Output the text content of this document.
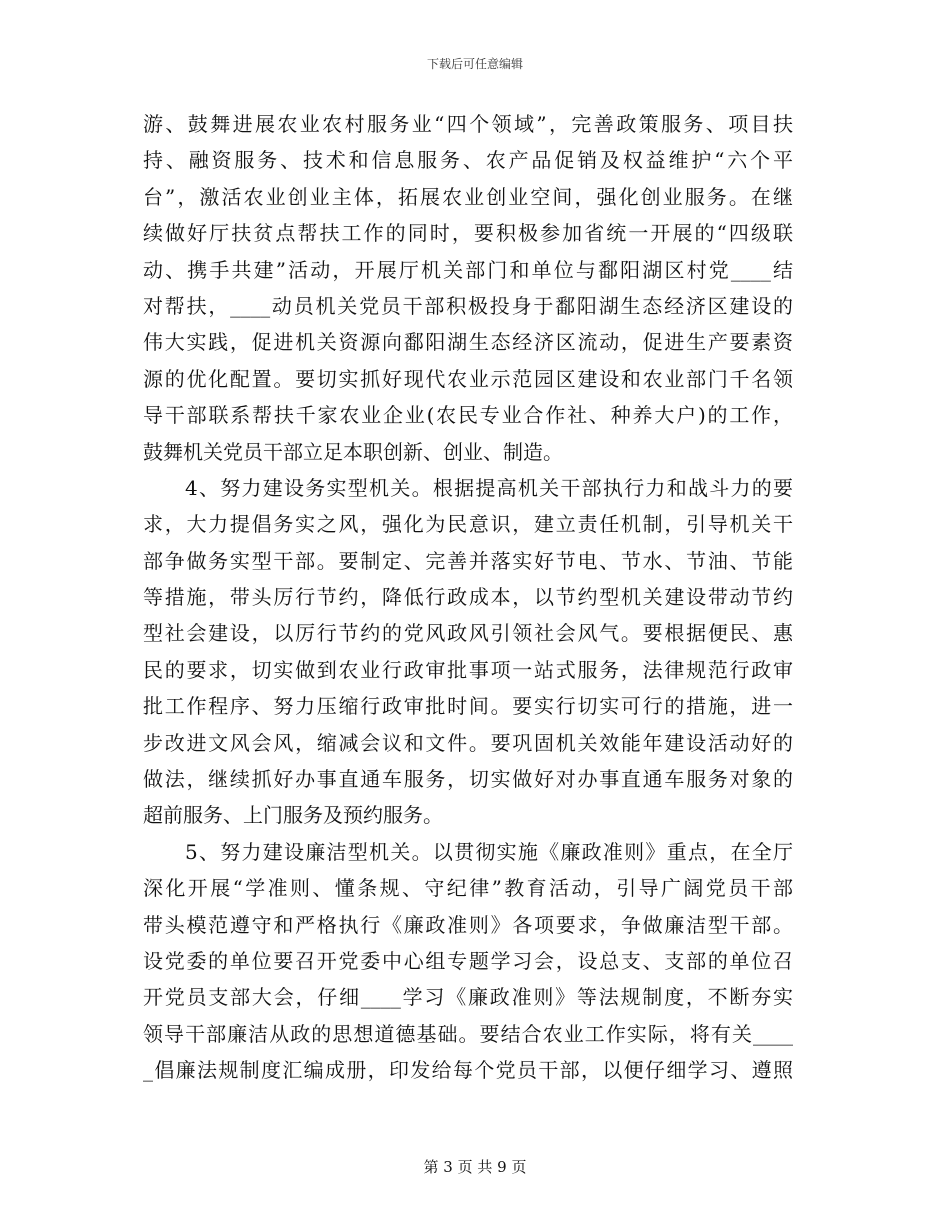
下载后可任意编辑
游、鼓舞进展农业农村服务业“四个领域”，完善政策服务、项目扶
持、融资服务、技术和信息服务、农产品促销及权益维护“六个平
台”，激活农业创业主体，拓展农业创业空间，强化创业服务。在继
续做好厅扶贫点帮扶工作的同时，要积极参加省统一开展的“四级联
动、携手共建”活动，开展厅机关部门和单位与鄱阳湖区村党____结
对帮扶，____动员机关党员干部积极投身于鄱阳湖生态经济区建设的
伟大实践，促进机关资源向鄱阳湖生态经济区流动，促进生产要素资
源的优化配置。要切实抓好现代农业示范园区建设和农业部门千名领
导干部联系帮扶千家农业企业(农民专业合作社、种养大户)的工作，
鼓舞机关党员干部立足本职创新、创业、制造。
4、努力建设务实型机关。根据提高机关干部执行力和战斗力的要
求，大力提倡务实之风，强化为民意识，建立责任机制，引导机关干
部争做务实型干部。要制定、完善并落实好节电、节水、节油、节能
等措施，带头厉行节约，降低行政成本，以节约型机关建设带动节约
型社会建设，以厉行节约的党风政风引领社会风气。要根据便民、惠
民的要求，切实做到农业行政审批事项一站式服务，法律规范行政审
批工作程序、努力压缩行政审批时间。要实行切实可行的措施，进一
步改进文风会风，缩减会议和文件。要巩固机关效能年建设活动好的
做法，继续抓好办事直通车服务，切实做好对办事直通车服务对象的
超前服务、上门服务及预约服务。
5、努力建设廉洁型机关。以贯彻实施《廉政准则》重点，在全厅
深化开展“学准则、懂条规、守纪律”教育活动，引导广阔党员干部
带头模范遵守和严格执行《廉政准则》各项要求，争做廉洁型干部。
设党委的单位要召开党委中心组专题学习会，设总支、支部的单位召
开党员支部大会，仔细____学习《廉政准则》等法规制度，不断夯实
领导干部廉洁从政的思想道德基础。要结合农业工作实际，将有关____
_倡廉法规制度汇编成册，印发给每个党员干部，以便仔细学习、遵照
第 3 页 共 9 页
